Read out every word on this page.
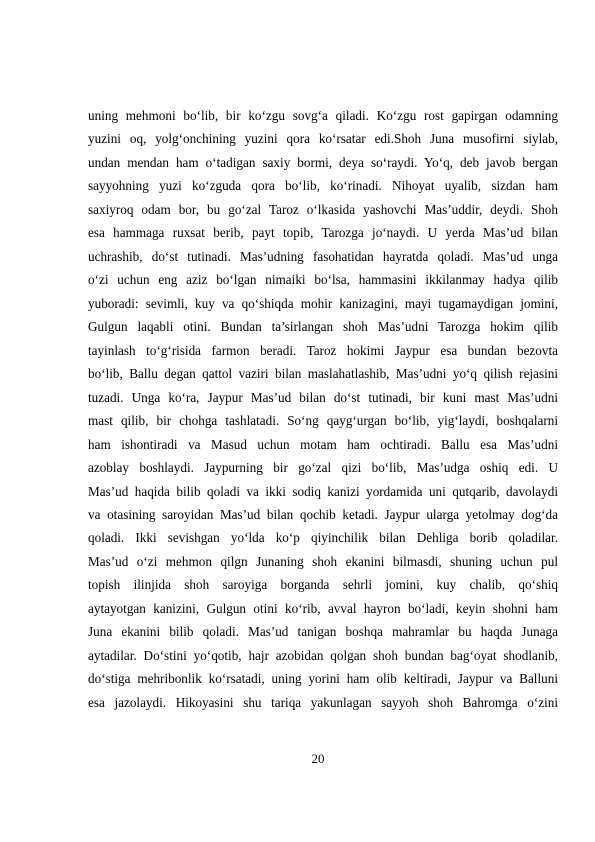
uning mehmoni bo‘lib, bir ko‘zgu sovg‘a qiladi. Ko‘zgu rost gapirgan odamning
yuzini oq, yolg‘onchining yuzini qora ko‘rsatar edi.Shoh Juna musofirni siylab,
undan mendan ham o‘tadigan saxiy bormi, deya so‘raydi. Yo‘q, deb javob bergan
sayyohning yuzi ko‘zguda qora bo‘lib, ko‘rinadi. Nihoyat uyalib, sizdan ham
saxiyroq odam bor, bu go‘zal Taroz o‘lkasida yashovchi Mas’uddir, deydi. Shoh
esa hammaga ruxsat berib, payt topib, Tarozga jo‘naydi. U yerda Mas’ud bilan
uchrashib, do‘st tutinadi. Mas’udning fasohatidan hayratda qoladi. Mas’ud unga
o‘zi uchun eng aziz bo‘lgan nimaiki bo‘lsa, hammasini ikkilanmay hadya qilib
yuboradi: sevimli, kuy va qo‘shiqda mohir kanizagini, mayi tugamaydigan jomini,
Gulgun laqabli otini. Bundan ta’sirlangan shoh Mas’udni Tarozga hokim qilib
tayinlash to‘g‘risida farmon beradi. Taroz hokimi Jaypur esa bundan bezovta
bo‘lib, Ballu degan qattol vaziri bilan maslahatlashib, Mas’udni yo‘q qilish rejasini
tuzadi. Unga ko‘ra, Jaypur Mas’ud bilan do‘st tutinadi, bir kuni mast Mas’udni
mast qilib, bir chohga tashlatadi. So‘ng qayg‘urgan bo‘lib, yig‘laydi, boshqalarni
ham ishontiradi va Masud uchun motam ham ochtiradi. Ballu esa Mas’udni
azoblay boshlaydi. Jaypurning bir go‘zal qizi bo‘lib, Mas’udga oshiq edi. U
Mas’ud haqida bilib qoladi va ikki sodiq kanizi yordamida uni qutqarib, davolaydi
va otasining saroyidan Mas’ud bilan qochib ketadi. Jaypur ularga yetolmay dog‘da
qoladi. Ikki sevishgan yo‘lda ko‘p qiyinchilik bilan Dehliga borib qoladilar.
Mas’ud o‘zi mehmon qilgn Junaning shoh ekanini bilmasdi, shuning uchun pul
topish ilinjida shoh saroyiga borganda sehrli jomini, kuy chalib, qo‘shiq
aytayotgan kanizini, Gulgun otini ko‘rib, avval hayron bo‘ladi, keyin shohni ham
Juna ekanini bilib qoladi. Mas’ud tanigan boshqa mahramlar bu haqda Junaga
aytadilar. Do‘stini yo‘qotib, hajr azobidan qolgan shoh bundan bag‘oyat shodlanib,
do‘stiga mehribonlik ko‘rsatadi, uning yorini ham olib keltiradi, Jaypur va Balluni
esa jazolaydi. Hikoyasini shu tariqa yakunlagan sayyoh shoh Bahromga o‘zini
20
